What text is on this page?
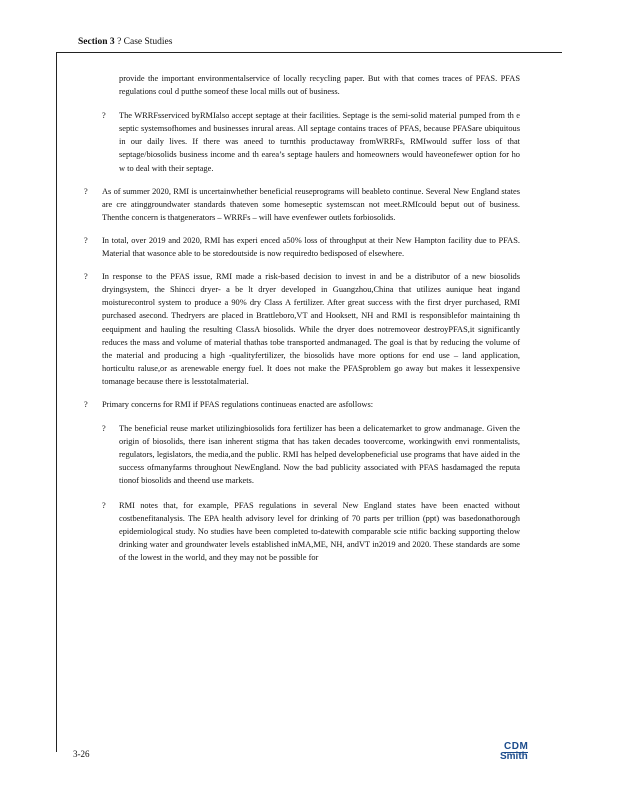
Section 3 ? Case Studies

provide the important environmentalservice of locally recycling paper. But with that comes traces of PFAS. PFAS regulations coul d putthe someof these local mills out of business.

? The WRRFsserviced byRMIalso accept septage at their facilities. Septage is the semi-solid material pumped from th e septic systemsofhomes and businesses inrural areas. All septage contains traces of PFAS, because PFASare ubiquitous in our daily lives. If there was aneed to turnthis productaway fromWRRFs, RMIwould suffer loss of that septage/biosolids business income and th earea’s septage haulers and homeowners would haveonefewer option for ho w to deal with their septage.
? As of summer 2020, RMI is uncertainwhether beneficial reuseprograms will beableto continue. Several New England states are cre atinggroundwater standards thateven some homeseptic systemscan not meet.RMIcould beput out of business. Thenthe concern is thatgenerators – WRRFs – will have evenfewer outlets forbiosolids.
? In total, over 2019 and 2020, RMI has experi enced a50% loss of throughput at their New Hampton facility due to PFAS. Material that wasonce able to be storedoutside is now requiredto bedisposed of elsewhere.
? In response to the PFAS issue, RMI made a risk-based decision to invest in and be a distributor of a new biosolids dryingsystem, the Shincci dryer- a be lt dryer developed in Guangzhou,China that utilizes aunique heat ingand moisturecontrol system to produce a 90% dry Class A fertilizer. After great success with the first dryer purchased, RMI purchased asecond. Thedryers are placed in Brattleboro,VT and Hooksett, NH and RMI is responsiblefor maintaining th eequipment and hauling the resulting ClassA biosolids. While the dryer does notremoveor destroyPFAS,it significantly reduces the mass and volume of material thathas tobe transported andmanaged. The goal is that by reducing the volume of the material and producing a high -qualityfertilizer, the biosolids have more options for end use – land application, horticultu ralusе,or as arenewable energy fuel. It does not make the PFASproblem go away but makes it lessexpensive tomanage because there is lesstotalmaterial.
? Primary concerns for RMI if PFAS regulations continueas enacted are asfollows:
? The beneficial reuse market utilizingbiosolids fora fertilizer has been a delicatemarket to grow andmanage. Given the origin of biosolids, there isan inherent stigma that has taken decades toovercome, workingwith envi ronmentalists, regulators, legislators, the media,and the public. RMI has helped developbeneficial use programs that have aided in the success ofmanyfarms throughout NewEngland. Now the bad publicity associated with PFAS hasdamaged the reputa tionof biosolids and theend use markets.
? RMI notes that, for example, PFAS regulations in several New England states have been enacted without costbenefitanalysis. The EPA health advisory level for drinking of 70 parts per trillion (ppt) was basedonathorough epidemiological study. No studies have been completed to-datewith comparable scie ntific backing supporting thelow drinking water and groundwater levels established inMA,ME, NH, andVT in2019 and 2020. These standards are some of the lowest in the world, and they may not be possible for
3-26
CDM
Smith
